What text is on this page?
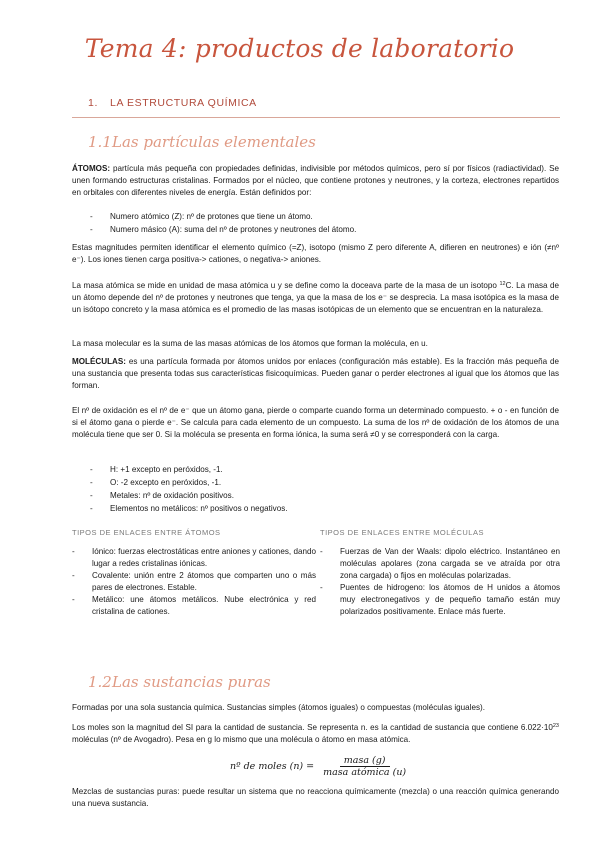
Tema 4: productos de laboratorio
1. LA ESTRUCTURA QUÍMICA
1.1Las partículas elementales

ÁTOMOS: partícula más pequeña con propiedades definidas, indivisible por métodos químicos, pero sí por físicos (radiactividad). Se unen formando estructuras cristalinas. Formados por el núcleo, que contiene protones y neutrones, y la corteza, electrones repartidos en orbitales con diferentes niveles de energía. Están definidos por:

- Numero atómico (Z): nº de protones que tiene un átomo.
- Numero másico (A): suma del nº de protones y neutrones del átomo.

Estas magnitudes permiten identificar el elemento químico (=Z), isotopo (mismo Z pero diferente A, difieren en neutrones) e ión (≠nº e⁻). Los iones tienen carga positiva-> cationes, o negativa-> aniones.

La masa atómica se mide en unidad de masa atómica u y se define como la doceava parte de la masa de un isotopo $^{12}$C. La masa de un átomo depende del nº de protones y neutrones que tenga, ya que la masa de los e⁻ se desprecia. La masa isotópica es la masa de un isótopo concreto y la masa atómica es el promedio de las masas isotópicas de un elemento que se encuentran en la naturaleza.

La masa molecular es la suma de las masas atómicas de los átomos que forman la molécula, en u.

MOLÉCULAS: es una partícula formada por átomos unidos por enlaces (configuración más estable). Es la fracción más pequeña de una sustancia que presenta todas sus características fisicoquímicas. Pueden ganar o perder electrones al igual que los átomos que las forman.

El nº de oxidación es el nº de e⁻ que un átomo gana, pierde o comparte cuando forma un determinado compuesto. + o - en función de si el átomo gana o pierde e⁻. Se calcula para cada elemento de un compuesto. La suma de los nº de oxidación de los átomos de una molécula tiene que ser 0. Si la molécula se presenta en forma iónica, la suma será ≠0 y se corresponderá con la carga.

- H: +1 excepto en peróxidos, -1.
- O: -2 excepto en peróxidos, -1.
- Metales: nº de oxidación positivos.
- Elementos no metálicos: nº positivos o negativos.
TIPOS DE ENLACES ENTRE ÁTOMOS	TIPOS DE ENLACES ENTRE MOLÉCULAS
- Iónico: fuerzas electrostáticas entre aniones y cationes, dando lugar a redes cristalinas iónicas.
- Covalente: unión entre 2 átomos que comparten uno o más pares de electrones. Estable.
- Metálico: une átomos metálicos. Nube electrónica y red cristalina de cationes.
- Fuerzas de Van der Waals: dipolo eléctrico. Instantáneo en moléculas apolares (zona cargada se ve atraída por otra zona cargada) o fijos en moléculas polarizadas.
- Puentes de hidrogeno: los átomos de H unidos a átomos muy electronegativos y de pequeño tamaño están muy polarizados positivamente. Enlace más fuerte.
1.2Las sustancias puras

Formadas por una sola sustancia química. Sustancias simples (átomos iguales) o compuestas (moléculas iguales).

Los moles son la magnitud del SI para la cantidad de sustancia. Se representa n. es la cantidad de sustancia que contiene $6.022\cdot 10^{23}$ moléculas (nº de Avogadro). Pesa en g lo mismo que una molécula o átomo en masa atómica.

nº de moles $(n) = \frac{\text{masa (g)}}{\text{masa atómica (u)}}$

Mezclas de sustancias puras: puede resultar un sistema que no reacciona químicamente (mezcla) o una reacción química generando una nueva sustancia.
